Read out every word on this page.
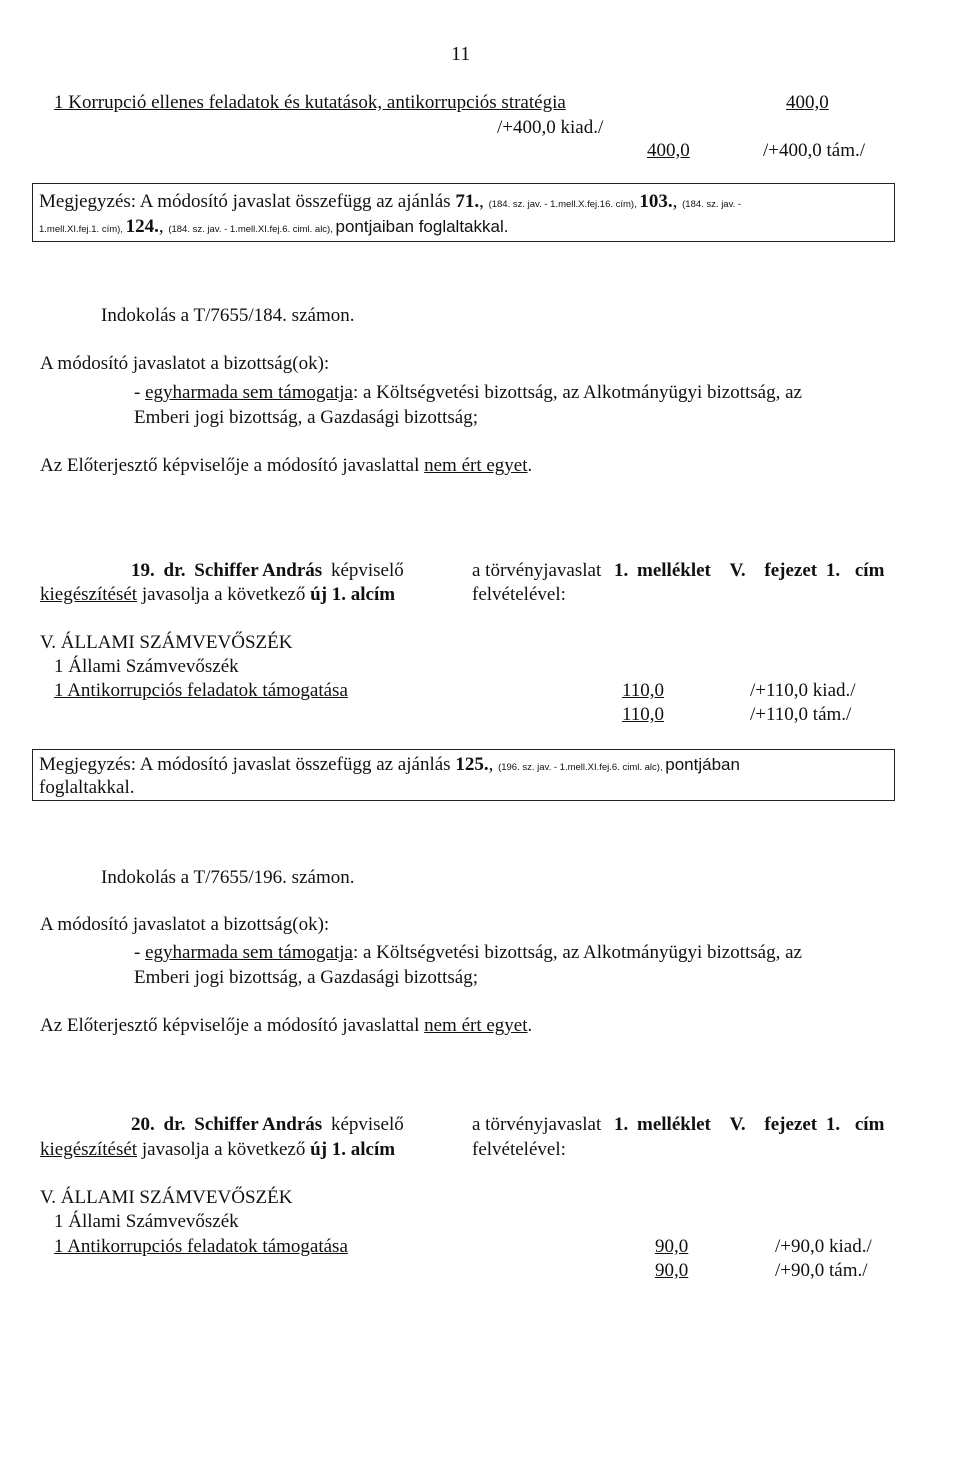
11
1 Korrupció ellenes feladatok és kutatások, antikorrupciós stratégia	400,0
/+400,0 kiad./
400,0	/+400,0 tám./
Megjegyzés: A módosító javaslat összefügg az ajánlás 71., (184. sz. jav. - 1.mell.X.fej.16. cím), 103., (184. sz. jav. -
1.mell.XI.fej.1. cím), 124., (184. sz. jav. - 1.mell.XI.fej.6. ciml. alc), pontjaiban foglaltakkal.
Indokolás a T/7655/184. számon.
A módosító javaslatot a bizottság(ok):
- egyharmada sem támogatja: a Költségvetési bizottság, az Alkotmányügyi bizottság, az
Emberi jogi bizottság, a Gazdasági bizottság;
Az Előterjesztő képviselője a módosító javaslattal nem ért egyet.
19. dr. Schiffer András képviselő	a törvényjavaslat 1. melléklet V. fejezet 1. cím
kiegészítését javasolja a következő új 1. alcím	felvételével:
V. ÁLLAMI SZÁMVEVŐSZÉK
1 Állami Számvevőszék
1 Antikorrupciós feladatok támogatása	110,0	/+110,0 kiad./
110,0	/+110,0 tám./
Megjegyzés: A módosító javaslat összefügg az ajánlás 125., (196. sz. jav. - 1.mell.XI.fej.6. ciml. alc), pontjában
foglaltakkal.
Indokolás a T/7655/196. számon.
A módosító javaslatot a bizottság(ok):
- egyharmada sem támogatja: a Költségvetési bizottság, az Alkotmányügyi bizottság, az
Emberi jogi bizottság, a Gazdasági bizottság;
Az Előterjesztő képviselője a módosító javaslattal nem ért egyet.
20. dr. Schiffer András képviselő	a törvényjavaslat 1. melléklet V. fejezet 1. cím
kiegészítését javasolja a következő új 1. alcím	felvételével:
V. ÁLLAMI SZÁMVEVŐSZÉK
1 Állami Számvevőszék
1 Antikorrupciós feladatok támogatása	90,0	/+90,0 kiad./
90,0	/+90,0 tám./
